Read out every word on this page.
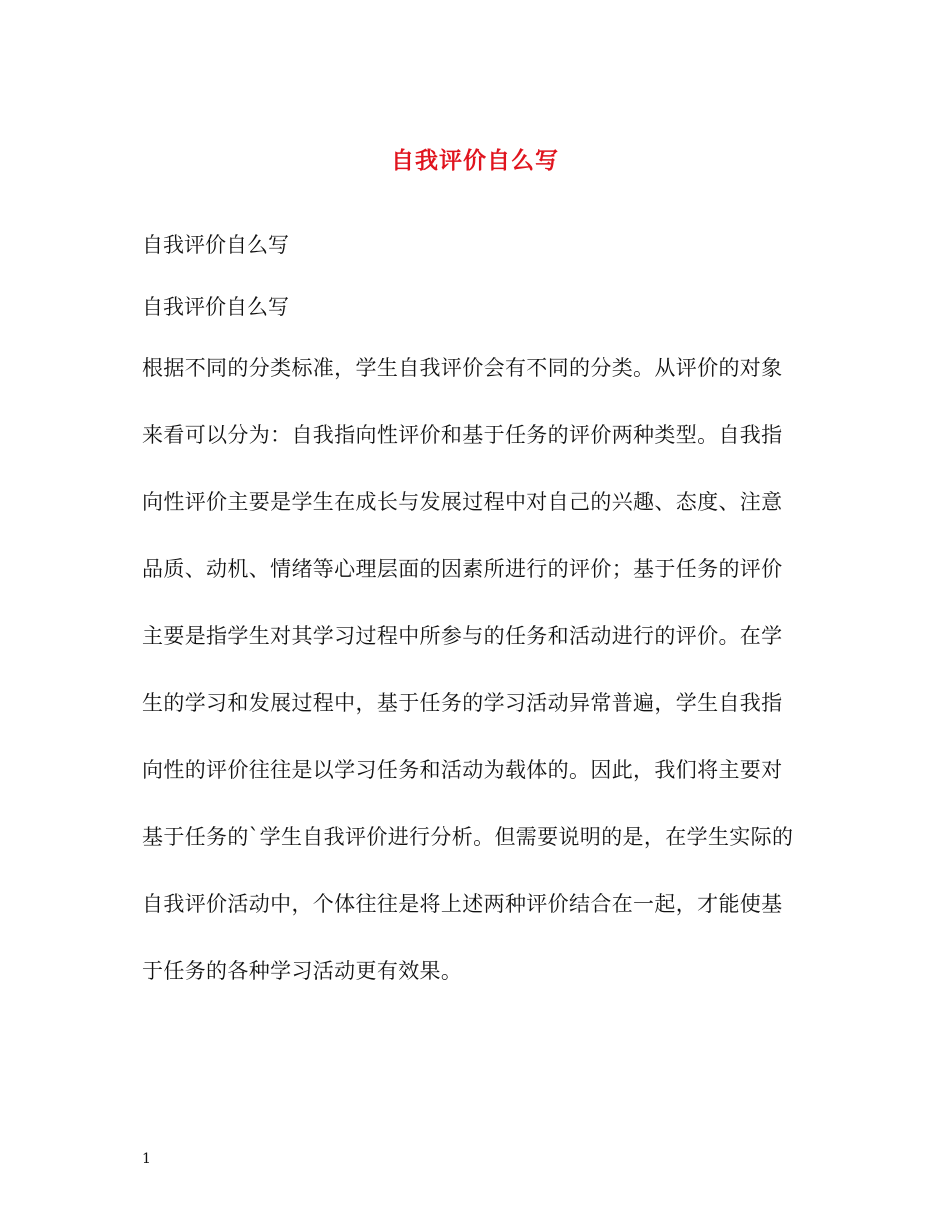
自我评价自么写
自我评价自么写
自我评价自么写
根据不同的分类标准，学生自我评价会有不同的分类。从评价的对象
来看可以分为：自我指向性评价和基于任务的评价两种类型。自我指
向性评价主要是学生在成长与发展过程中对自己的兴趣、态度、注意
品质、动机、情绪等心理层面的因素所进行的评价；基于任务的评价
主要是指学生对其学习过程中所参与的任务和活动进行的评价。在学
生的学习和发展过程中，基于任务的学习活动异常普遍，学生自我指
向性的评价往往是以学习任务和活动为载体的。因此，我们将主要对
基于任务的`学生自我评价进行分析。但需要说明的是，在学生实际的
自我评价活动中，个体往往是将上述两种评价结合在一起，才能使基
于任务的各种学习活动更有效果。
1
